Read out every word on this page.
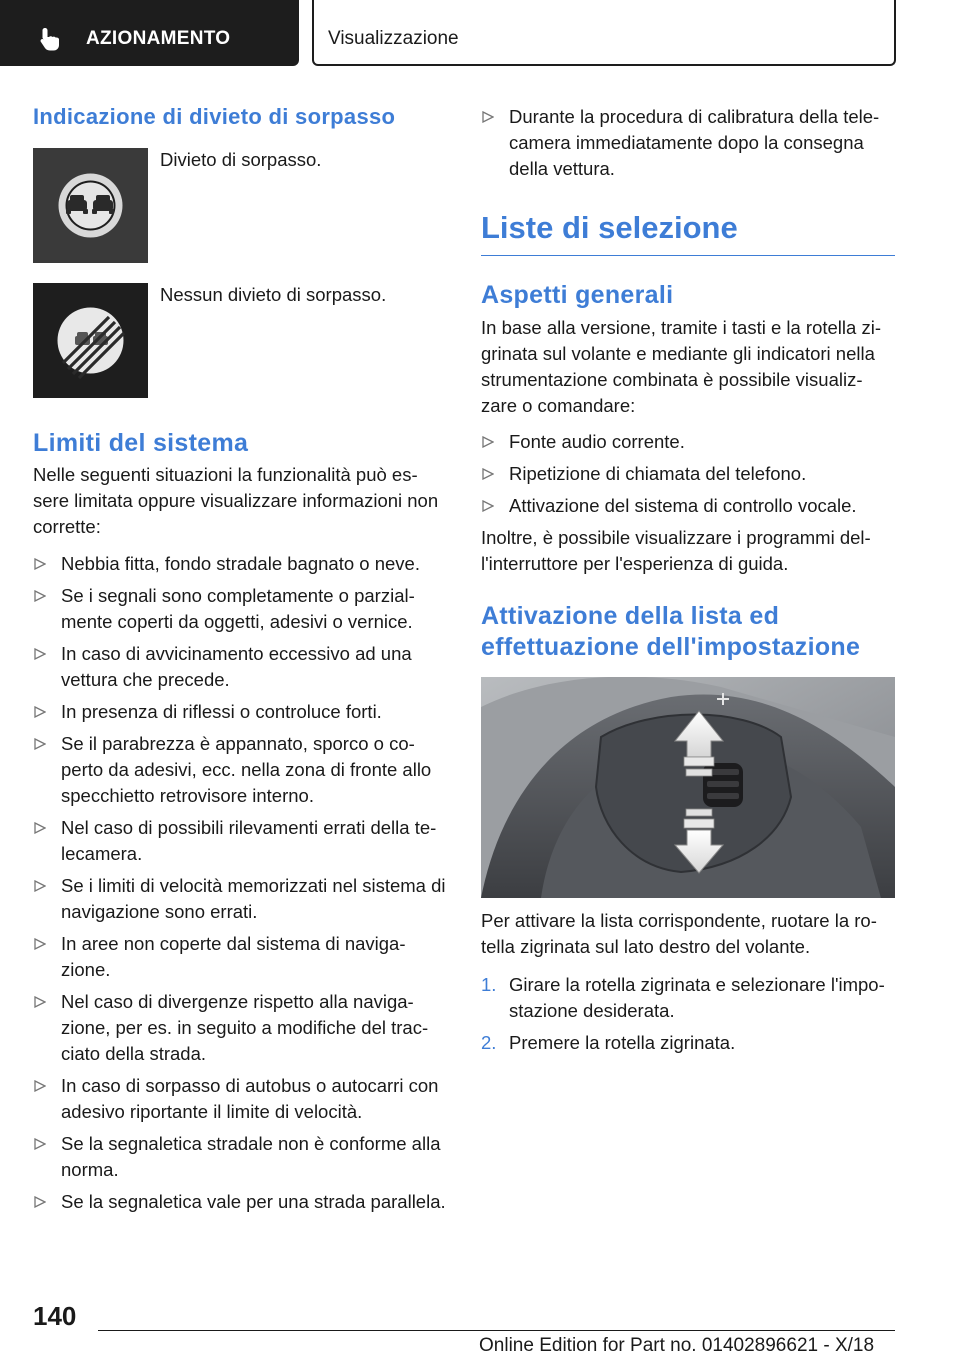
AZIONAMENTO	Visualizzazione
Indicazione di divieto di sorpasso
Divieto di sorpasso.
Nessun divieto di sorpasso.
Limiti del sistema

Nelle seguenti situazioni la funzionalità può es-sere limitata oppure visualizzare informazioni non corrette:

Nebbia fitta, fondo stradale bagnato o neve.
Se i segnali sono completamente o parzial-mente coperti da oggetti, adesivi o vernice.
In caso di avvicinamento eccessivo ad una vettura che precede.
In presenza di riflessi o controluce forti.
Se il parabrezza è appannato, sporco o co-perto da adesivi, ecc. nella zona di fronte allo specchietto retrovisore interno.
Nel caso di possibili rilevamenti errati della te-lecamera.
Se i limiti di velocità memorizzati nel sistema di navigazione sono errati.
In aree non coperte dal sistema di naviga-zione.
Nel caso di divergenze rispetto alla naviga-zione, per es. in seguito a modifiche del trac-ciato della strada.
In caso di sorpasso di autobus o autocarri con adesivo riportante il limite di velocità.
Se la segnaletica stradale non è conforme alla norma.
Se la segnaletica vale per una strada parallela.
Durante la procedura di calibratura della tele-camera immediatamente dopo la consegna della vettura.
Liste di selezione
Aspetti generali

In base alla versione, tramite i tasti e la rotella zi-grinata sul volante e mediante gli indicatori nella strumentazione combinata è possibile visualiz-zare o comandare:

Fonte audio corrente.
Ripetizione di chiamata del telefono.
Attivazione del sistema di controllo vocale.

Inoltre, è possibile visualizzare i programmi del-l'interruttore per l'esperienza di guida.

Attivazione della lista ed effettuazione dell'impostazione

Per attivare la lista corrispondente, ruotare la ro-tella zigrinata sul lato destro del volante.

1. Girare la rotella zigrinata e selezionare l'impo-stazione desiderata.
2. Premere la rotella zigrinata.
140
Online Edition for Part no. 01402896621 - X/18
